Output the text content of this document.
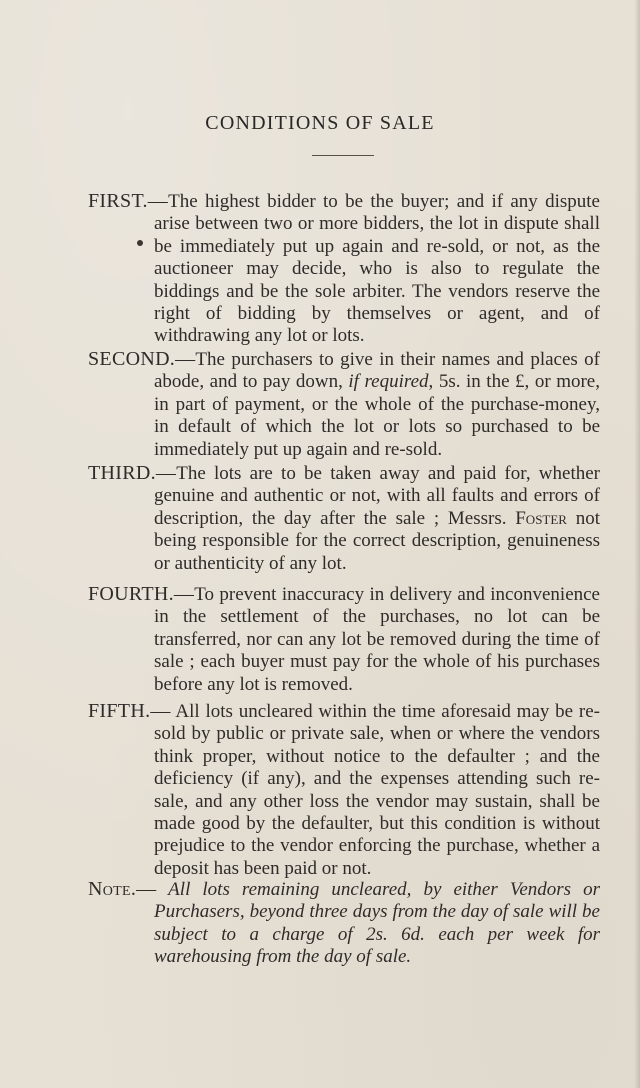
CONDITIONS OF SALE

FIRST.—The highest bidder to be the buyer; and if any dispute arise between two or more bidders, the lot in dispute shall be immediately put up again and re-sold, or not, as the auctioneer may decide, who is also to regulate the biddings and be the sole arbiter. The vendors reserve the right of bidding by themselves or agent, and of withdrawing any lot or lots.

SECOND.—The purchasers to give in their names and places of abode, and to pay down, if required, 5s. in the £, or more, in part of payment, or the whole of the purchase-money, in default of which the lot or lots so purchased to be immediately put up again and re-sold.

THIRD.—The lots are to be taken away and paid for, whether genuine and authentic or not, with all faults and errors of description, the day after the sale ; Messrs. Foster not being responsible for the correct description, genuineness or authenticity of any lot.

FOURTH.—To prevent inaccuracy in delivery and inconvenience in the settlement of the purchases, no lot can be transferred, nor can any lot be removed during the time of sale ; each buyer must pay for the whole of his purchases before any lot is removed.

FIFTH.— All lots uncleared within the time aforesaid may be re-sold by public or private sale, when or where the vendors think proper, without notice to the defaulter ; and the deficiency (if any), and the expenses attending such re-sale, and any other loss the vendor may sustain, shall be made good by the defaulter, but this condition is without prejudice to the vendor enforcing the purchase, whether a deposit has been paid or not.

Note.— All lots remaining uncleared, by either Vendors or Purchasers, beyond three days from the day of sale will be subject to a charge of 2s. 6d. each per week for warehousing from the day of sale.
